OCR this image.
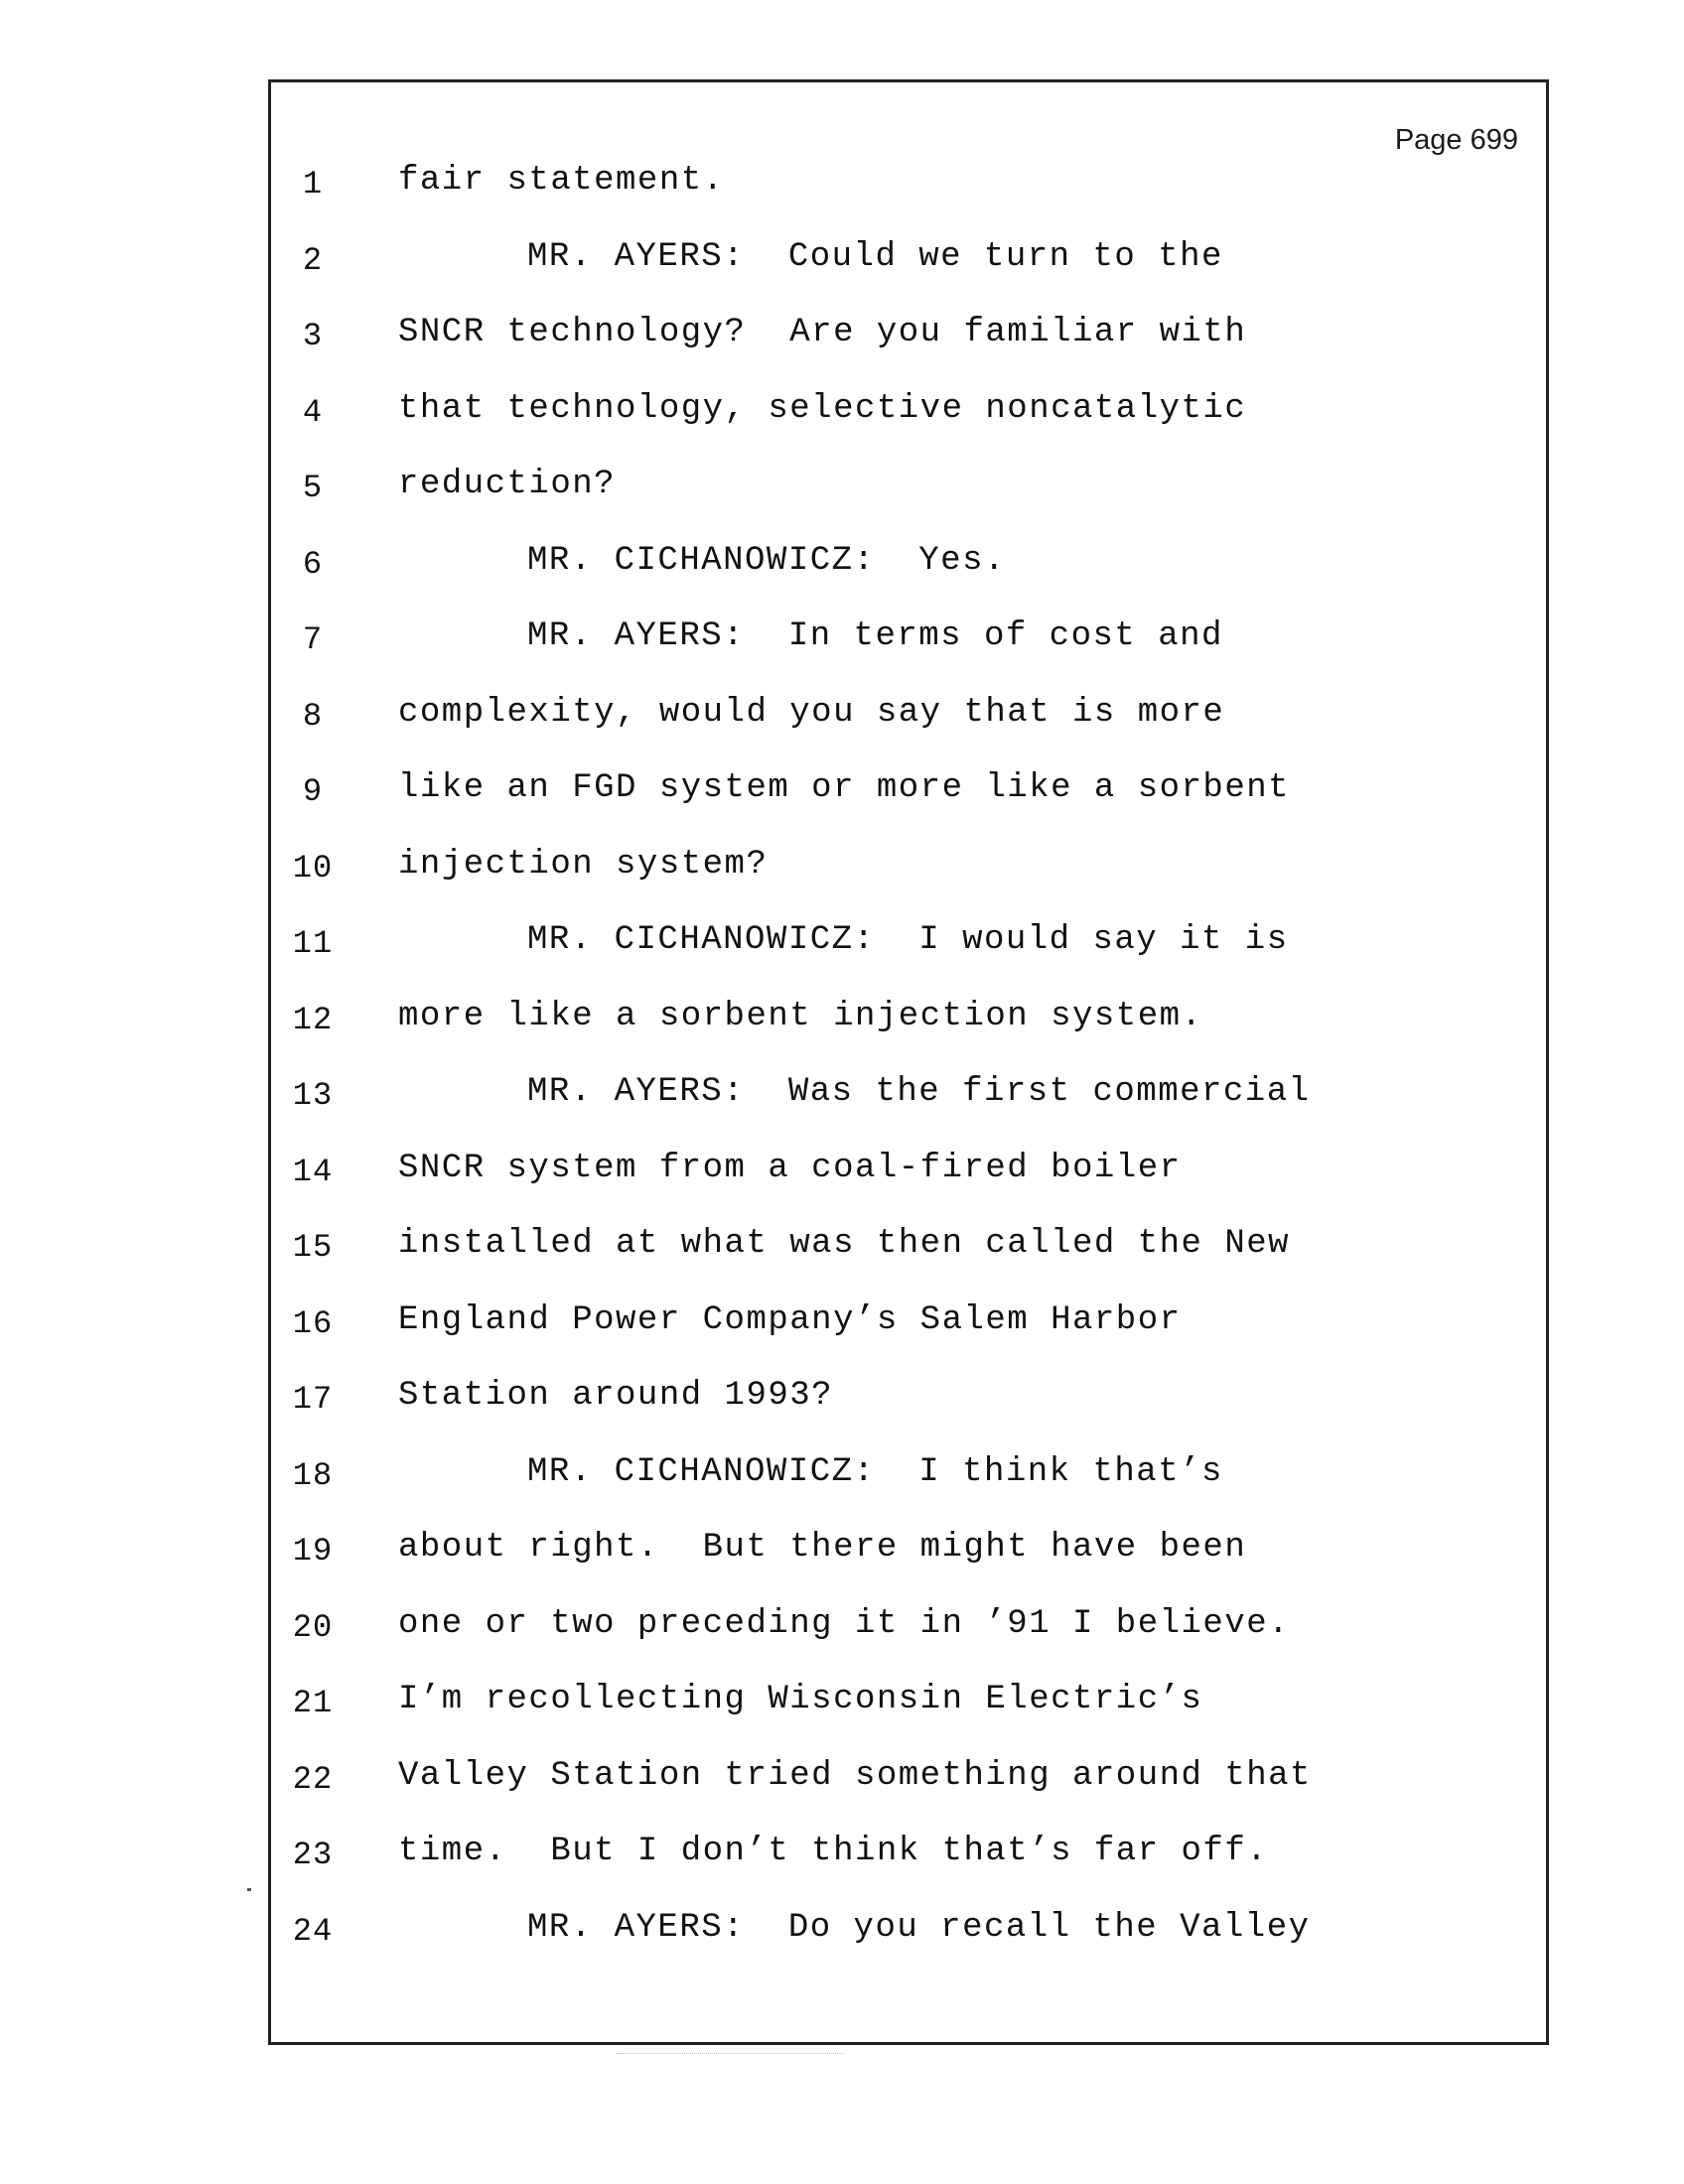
Page 699
1	fair statement.
2	MR. AYERS:  Could we turn to the
3	SNCR technology?  Are you familiar with
4	that technology, selective noncatalytic
5	reduction?
6	MR. CICHANOWICZ:  Yes.
7	MR. AYERS:  In terms of cost and
8	complexity, would you say that is more
9	like an FGD system or more like a sorbent
10 injection system?
11	MR. CICHANOWICZ:  I would say it is
12 more like a sorbent injection system.
13	MR. AYERS:  Was the first commercial
14 SNCR system from a coal-fired boiler
15 installed at what was then called the New
16 England Power Company’s Salem Harbor
17 Station around 1993?
18	MR. CICHANOWICZ:  I think that’s
19 about right.  But there might have been
20 one or two preceding it in ’91 I believe.
21 I’m recollecting Wisconsin Electric’s
22 Valley Station tried something around that
23 time.  But I don’t think that’s far off.
24	MR. AYERS:  Do you recall the Valley
